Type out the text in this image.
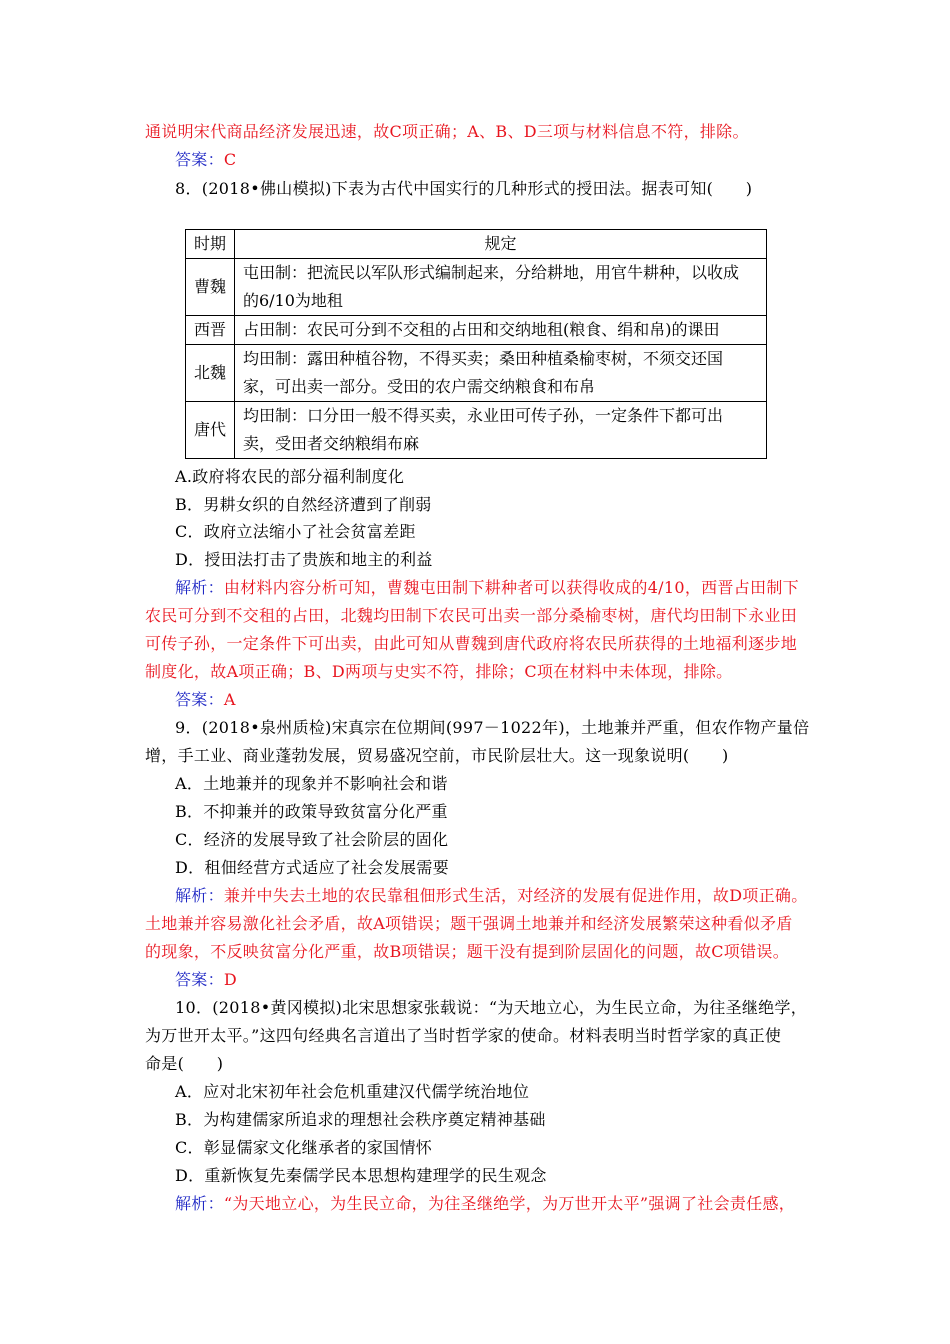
通说明宋代商品经济发展迅速，故C项正确；A、B、D三项与材料信息不符，排除。
答案：C
8．(2018•佛山模拟)下表为古代中国实行的几种形式的授田法。据表可知(　　)
时期	规定
曹魏	屯田制：把流民以军队形式编制起来，分给耕地，用官牛耕种，以收成
的6/10为地租

西晋	占田制：农民可分到不交租的占田和交纳地租(粮食、绢和帛)的课田

北魏	均田制：露田种植谷物，不得买卖；桑田种植桑榆枣树，不须交还国
家，可出卖一部分。受田的农户需交纳粮食和布帛

唐代	均田制：口分田一般不得买卖，永业田可传子孙，一定条件下都可出
卖，受田者交纳粮绢布麻
A.政府将农民的部分福利制度化
B．男耕女织的自然经济遭到了削弱
C．政府立法缩小了社会贫富差距
D．授田法打击了贵族和地主的利益
解析：由材料内容分析可知，曹魏屯田制下耕种者可以获得收成的4/10，西晋占田制下
农民可分到不交租的占田，北魏均田制下农民可出卖一部分桑榆枣树，唐代均田制下永业田
可传子孙，一定条件下可出卖，由此可知从曹魏到唐代政府将农民所获得的土地福利逐步地
制度化，故A项正确；B、D两项与史实不符，排除；C项在材料中未体现，排除。
答案：A
9．(2018•泉州质检)宋真宗在位期间(997－1022年)，土地兼并严重，但农作物产量倍
增，手工业、商业蓬勃发展，贸易盛况空前，市民阶层壮大。这一现象说明(　　)
A．土地兼并的现象并不影响社会和谐
B．不抑兼并的政策导致贫富分化严重
C．经济的发展导致了社会阶层的固化
D．租佃经营方式适应了社会发展需要
解析：兼并中失去土地的农民靠租佃形式生活，对经济的发展有促进作用，故D项正确。
土地兼并容易激化社会矛盾，故A项错误；题干强调土地兼并和经济发展繁荣这种看似矛盾
的现象，不反映贫富分化严重，故B项错误；题干没有提到阶层固化的问题，故C项错误。
答案：D
10．(2018•黄冈模拟)北宋思想家张载说：“为天地立心，为生民立命，为往圣继绝学，
为万世开太平。”这四句经典名言道出了当时哲学家的使命。材料表明当时哲学家的真正使
命是(　　)
A．应对北宋初年社会危机重建汉代儒学统治地位
B．为构建儒家所追求的理想社会秩序奠定精神基础
C．彰显儒家文化继承者的家国情怀
D．重新恢复先秦儒学民本思想构建理学的民生观念
解析：“为天地立心，为生民立命，为往圣继绝学，为万世开太平”强调了社会责任感，
